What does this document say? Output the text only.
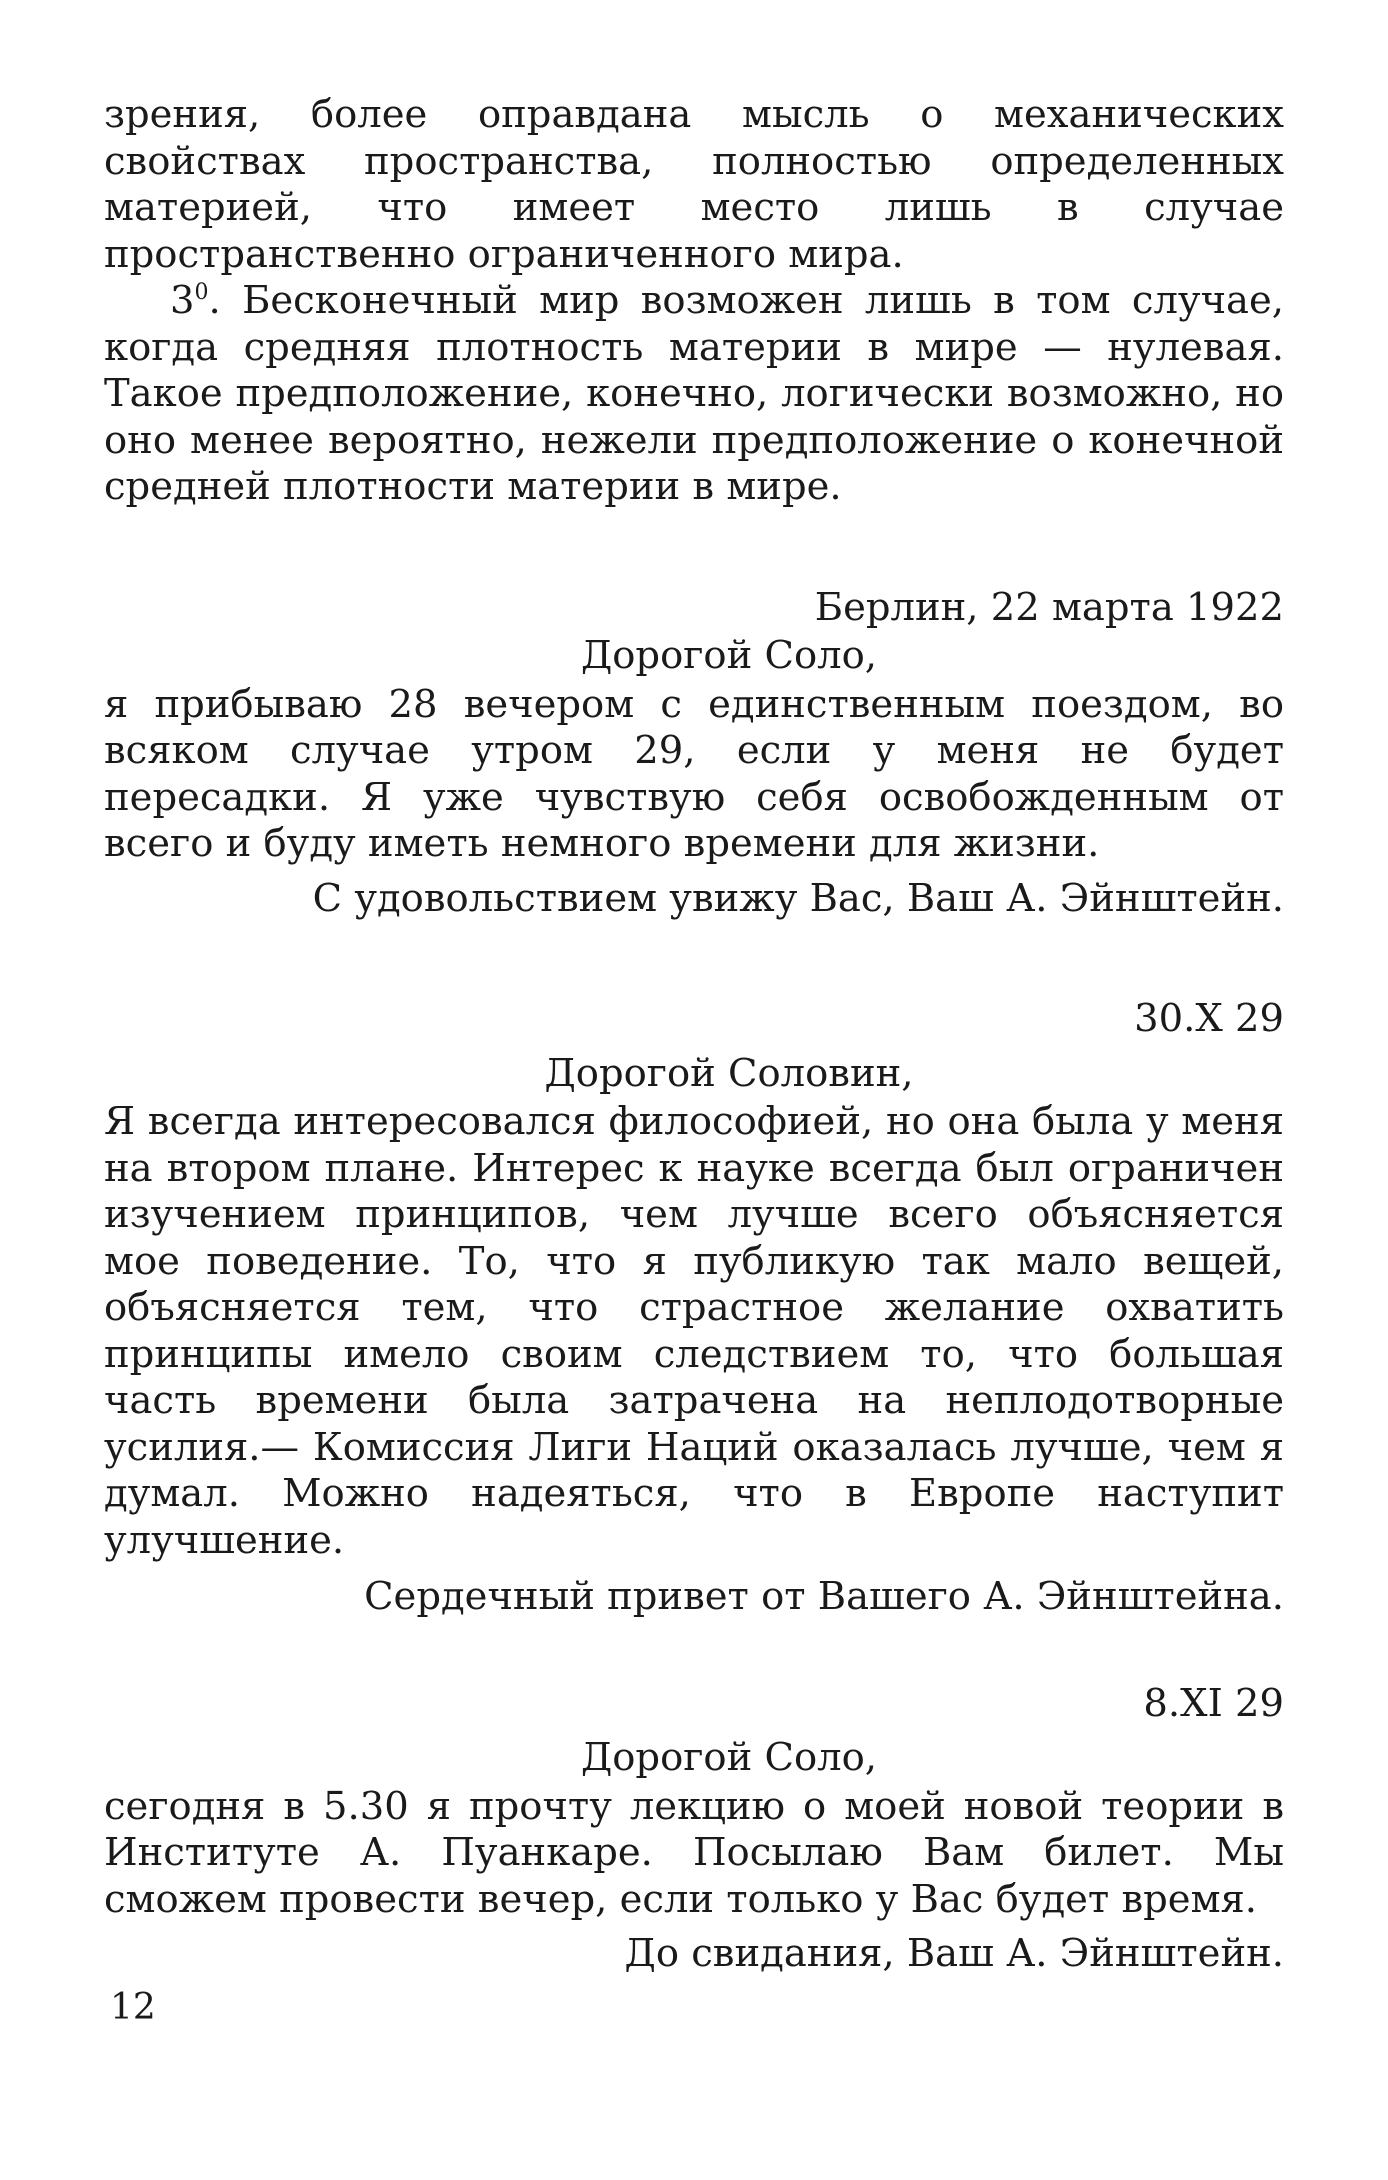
зрения, более оправдана мысль о механических свойствах пространства, полностью определенных материей, что имеет место лишь в случае пространственно ограниченного мира.

$3^0$. Бесконечный мир возможен лишь в том случае, когда средняя плотность материи в мире — нулевая. Такое предположение, конечно, логически возможно, но оно менее вероятно, нежели предположение о конечной средней плотности материи в мире.

Берлин, 22 марта 1922

Дорогой Соло,

я прибываю 28 вечером с единственным поездом, во всяком случае утром 29, если у меня не будет пересадки. Я уже чувствую себя освобожденным от всего и буду иметь немного времени для жизни.

С удовольствием увижу Вас, Ваш А. Эйнштейн.

30.X 29

Дорогой Соловин,

Я всегда интересовался философией, но она была у меня на втором плане. Интерес к науке всегда был ограничен изучением принципов, чем лучше всего объясняется мое поведение. То, что я публикую так мало вещей, объясняется тем, что страстное желание охватить принципы имело своим следствием то, что большая часть времени была затрачена на неплодотворные усилия.— Комиссия Лиги Наций оказалась лучше, чем я думал. Можно надеяться, что в Европе наступит улучшение.

Сердечный привет от Вашего А. Эйнштейна.

8.XI 29

Дорогой Соло,

сегодня в 5.30 я прочту лекцию о моей новой теории в Институте А. Пуанкаре. Посылаю Вам билет. Мы сможем провести вечер, если только у Вас будет время.

До свидания, Ваш А. Эйнштейн.

12
